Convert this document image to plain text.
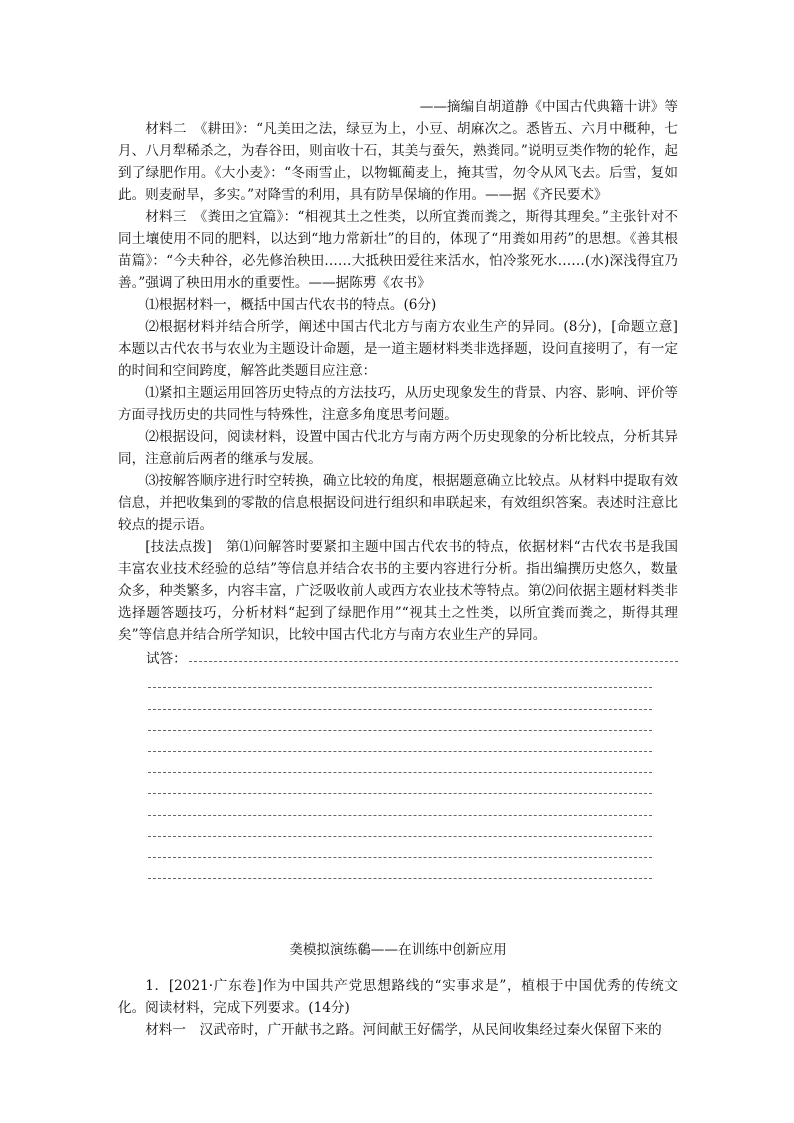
——摘编自胡道静《中国古代典籍十讲》等

材料二　《耕田》：“凡美田之法，绿豆为上，小豆、胡麻次之。悉皆五、六月中穊种，七月、八月犁稀杀之，为春谷田，则亩收十石，其美与蚕矢，熟粪同。”说明豆类作物的轮作，起到了绿肥作用。《大小麦》：“冬雨雪止，以物辄蔺麦上，掩其雪，勿令从风飞去。后雪，复如此。则麦耐旱，多实。”对降雪的利用，具有防旱保墒的作用。——据《齐民要术》

材料三　《粪田之宜篇》：“相视其土之性类，以所宜粪而粪之，斯得其理矣。”主张针对不同土壤使用不同的肥料，以达到“地力常新壮”的目的，体现了“用粪如用药”的思想。《善其根苗篇》：“今夫种谷，必先修治秧田……大抵秧田爱往来活水，怕冷浆死水……(水)深浅得宜乃善。”强调了秧田用水的重要性。——据陈旉《农书》

⑴根据材料一，概括中国古代农书的特点。(6分)

⑵根据材料并结合所学，阐述中国古代北方与南方农业生产的异同。(8分)，[命题立意]　本题以古代农书与农业为主题设计命题，是一道主题材料类非选择题，设问直接明了，有一定的时间和空间跨度，解答此类题目应注意：

⑴紧扣主题运用回答历史特点的方法技巧，从历史现象发生的背景、内容、影响、评价等方面寻找历史的共同性与特殊性，注意多角度思考问题。

⑵根据设问，阅读材料，设置中国古代北方与南方两个历史现象的分析比较点，分析其异同，注意前后两者的继承与发展。

⑶按解答顺序进行时空转换，确立比较的角度，根据题意确立比较点。从材料中提取有效信息，并把收集到的零散的信息根据设问进行组织和串联起来，有效组织答案。表述时注意比较点的提示语。

[技法点拨]　第⑴问解答时要紧扣主题中国古代农书的特点，依据材料“古代农书是我国丰富农业技术经验的总结”等信息并结合农书的主要内容进行分析。指出编撰历史悠久，数量众多，种类繁多，内容丰富，广泛吸收前人或西方农业技术等特点。第⑵问依据主题材料类非选择题答题技巧，分析材料“起到了绿肥作用”“视其土之性类，以所宜粪而粪之，斯得其理矣”等信息并结合所学知识，比较中国古代北方与南方农业生产的异同。

试答：

䶮模拟演练鵗——在训练中创新应用

1．[2021·广东卷]作为中国共产党思想路线的“实事求是”，植根于中国优秀的传统文化。阅读材料，完成下列要求。(14分)

材料一　汉武帝时，广开献书之路。河间献王好儒学，从民间收集经过秦火保留下来的
